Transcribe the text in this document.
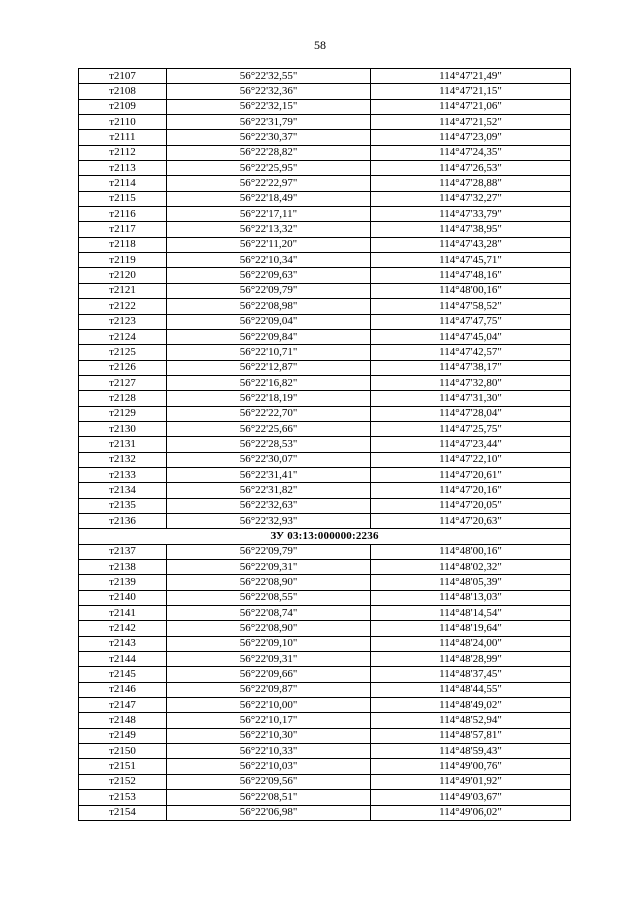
58
т2107	56°22'32,55"	114°47'21,49"
т2108	56°22'32,36"	114°47'21,15"
т2109	56°22'32,15"	114°47'21,06"
т2110	56°22'31,79"	114°47'21,52"
т2111	56°22'30,37"	114°47'23,09"
т2112	56°22'28,82"	114°47'24,35"
т2113	56°22'25,95"	114°47'26,53"
т2114	56°22'22,97"	114°47'28,88"
т2115	56°22'18,49"	114°47'32,27"
т2116	56°22'17,11"	114°47'33,79"
т2117	56°22'13,32"	114°47'38,95"
т2118	56°22'11,20"	114°47'43,28"
т2119	56°22'10,34"	114°47'45,71"
т2120	56°22'09,63"	114°47'48,16"
т2121	56°22'09,79"	114°48'00,16"
т2122	56°22'08,98"	114°47'58,52"
т2123	56°22'09,04"	114°47'47,75"
т2124	56°22'09,84"	114°47'45,04"
т2125	56°22'10,71"	114°47'42,57"
т2126	56°22'12,87"	114°47'38,17"
т2127	56°22'16,82"	114°47'32,80"
т2128	56°22'18,19"	114°47'31,30"
т2129	56°22'22,70"	114°47'28,04"
т2130	56°22'25,66"	114°47'25,75"
т2131	56°22'28,53"	114°47'23,44"
т2132	56°22'30,07"	114°47'22,10"
т2133	56°22'31,41"	114°47'20,61"
т2134	56°22'31,82"	114°47'20,16"
т2135	56°22'32,63"	114°47'20,05"
т2136	56°22'32,93"	114°47'20,63"
ЗУ 03:13:000000:2236		
т2137	56°22'09,79"	114°48'00,16"
т2138	56°22'09,31"	114°48'02,32"
т2139	56°22'08,90"	114°48'05,39"
т2140	56°22'08,55"	114°48'13,03"
т2141	56°22'08,74"	114°48'14,54"
т2142	56°22'08,90"	114°48'19,64"
т2143	56°22'09,10"	114°48'24,00"
т2144	56°22'09,31"	114°48'28,99"
т2145	56°22'09,66"	114°48'37,45"
т2146	56°22'09,87"	114°48'44,55"
т2147	56°22'10,00"	114°48'49,02"
т2148	56°22'10,17"	114°48'52,94"
т2149	56°22'10,30"	114°48'57,81"
т2150	56°22'10,33"	114°48'59,43"
т2151	56°22'10,03"	114°49'00,76"
т2152	56°22'09,56"	114°49'01,92"
т2153	56°22'08,51"	114°49'03,67"
т2154	56°22'06,98"	114°49'06,02"
